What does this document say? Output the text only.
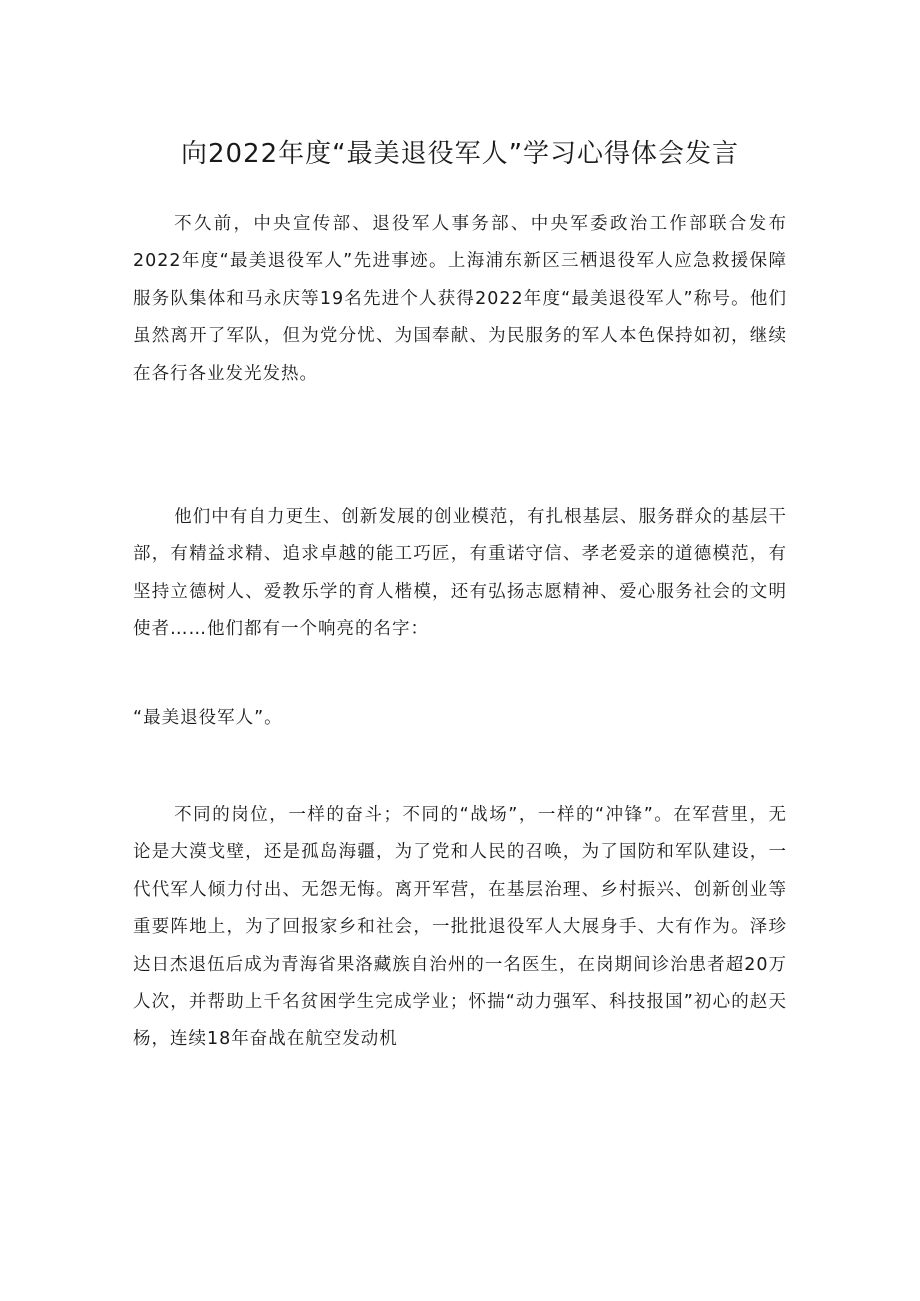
向2022年度“最美退役军人”学习心得体会发言

不久前，中央宣传部、退役军人事务部、中央军委政治工作部联合发布2022年度“最美退役军人”先进事迹。上海浦东新区三栖退役军人应急救援保障服务队集体和马永庆等19名先进个人获得2022年度“最美退役军人”称号。他们虽然离开了军队，但为党分忧、为国奉献、为民服务的军人本色保持如初，继续在各行各业发光发热。

他们中有自力更生、创新发展的创业模范，有扎根基层、服务群众的基层干部，有精益求精、追求卓越的能工巧匠，有重诺守信、孝老爱亲的道德模范，有坚持立德树人、爱教乐学的育人楷模，还有弘扬志愿精神、爱心服务社会的文明使者……他们都有一个响亮的名字：

“最美退役军人”。

不同的岗位，一样的奋斗；不同的“战场”，一样的“冲锋”。在军营里，无论是大漠戈壁，还是孤岛海疆，为了党和人民的召唤，为了国防和军队建设，一代代军人倾力付出、无怨无悔。离开军营，在基层治理、乡村振兴、创新创业等重要阵地上，为了回报家乡和社会，一批批退役军人大展身手、大有作为。泽珍达日杰退伍后成为青海省果洛藏族自治州的一名医生，在岗期间诊治患者超20万人次，并帮助上千名贫困学生完成学业；怀揣“动力强军、科技报国”初心的赵天杨，连续18年奋战在航空发动机
